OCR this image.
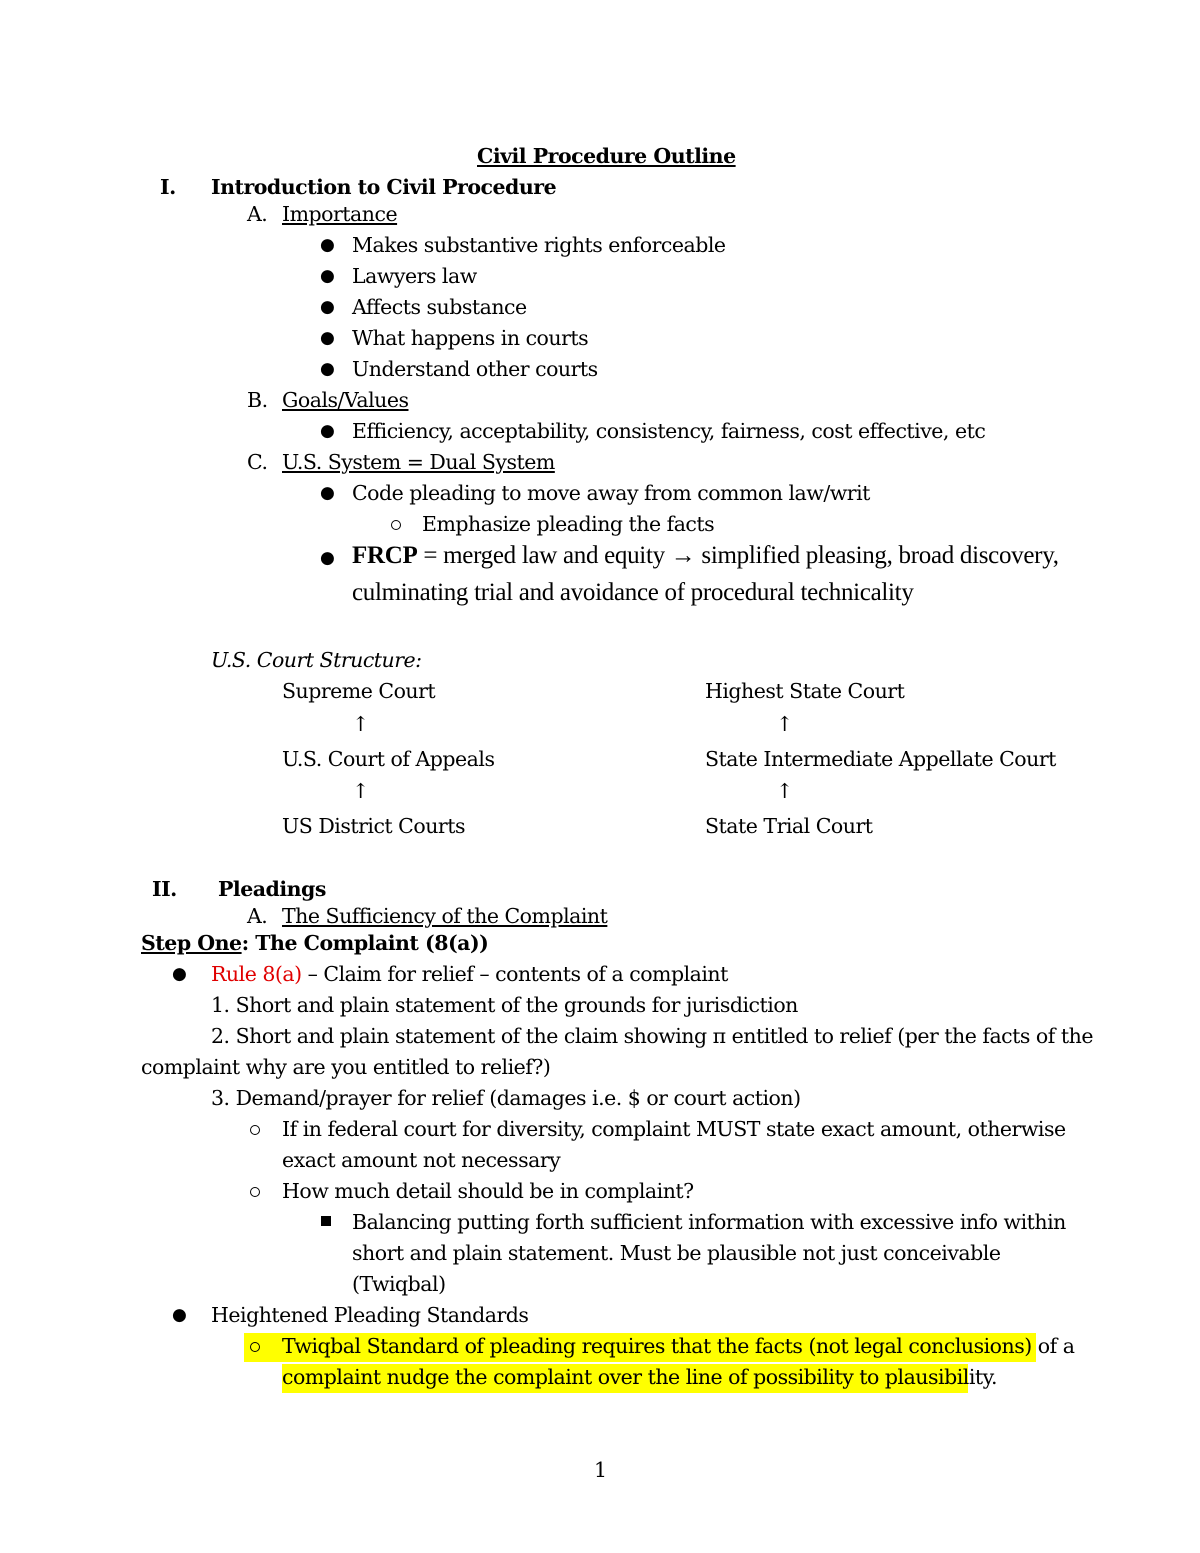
Civil Procedure Outline
I. Introduction to Civil Procedure
A. Importance
● Makes substantive rights enforceable
● Lawyers law
● Affects substance
● What happens in courts
● Understand other courts
B. Goals/Values
● Efficiency, acceptability, consistency, fairness, cost effective, etc
C. U.S. System = Dual System
● Code pleading to move away from common law/writ
Emphasize pleading the facts
● FRCP = merged law and equity → simplified pleasing, broad discovery,
culminating trial and avoidance of procedural technicality
U.S. Court Structure:
Supreme Court
↑
U.S. Court of Appeals
↑
US District Courts
Highest State Court
↑
State Intermediate Appellate Court
↑
State Trial Court
II. Pleadings
A. The Sufficiency of the Complaint
Step One: The Complaint (8(a))
● Rule 8(a) – Claim for relief – contents of a complaint
1. Short and plain statement of the grounds for jurisdiction
2. Short and plain statement of the claim showing π entitled to relief (per the facts of the
complaint why are you entitled to relief?)
3. Demand/prayer for relief (damages i.e. $ or court action)
If in federal court for diversity, complaint MUST state exact amount, otherwise
exact amount not necessary
How much detail should be in complaint?
Balancing putting forth sufficient information with excessive info within
short and plain statement. Must be plausible not just conceivable
(Twiqbal)
● Heightened Pleading Standards
Twiqbal Standard of pleading requires that the facts (not legal conclusions) of a
complaint nudge the complaint over the line of possibility to plausibility.
1
